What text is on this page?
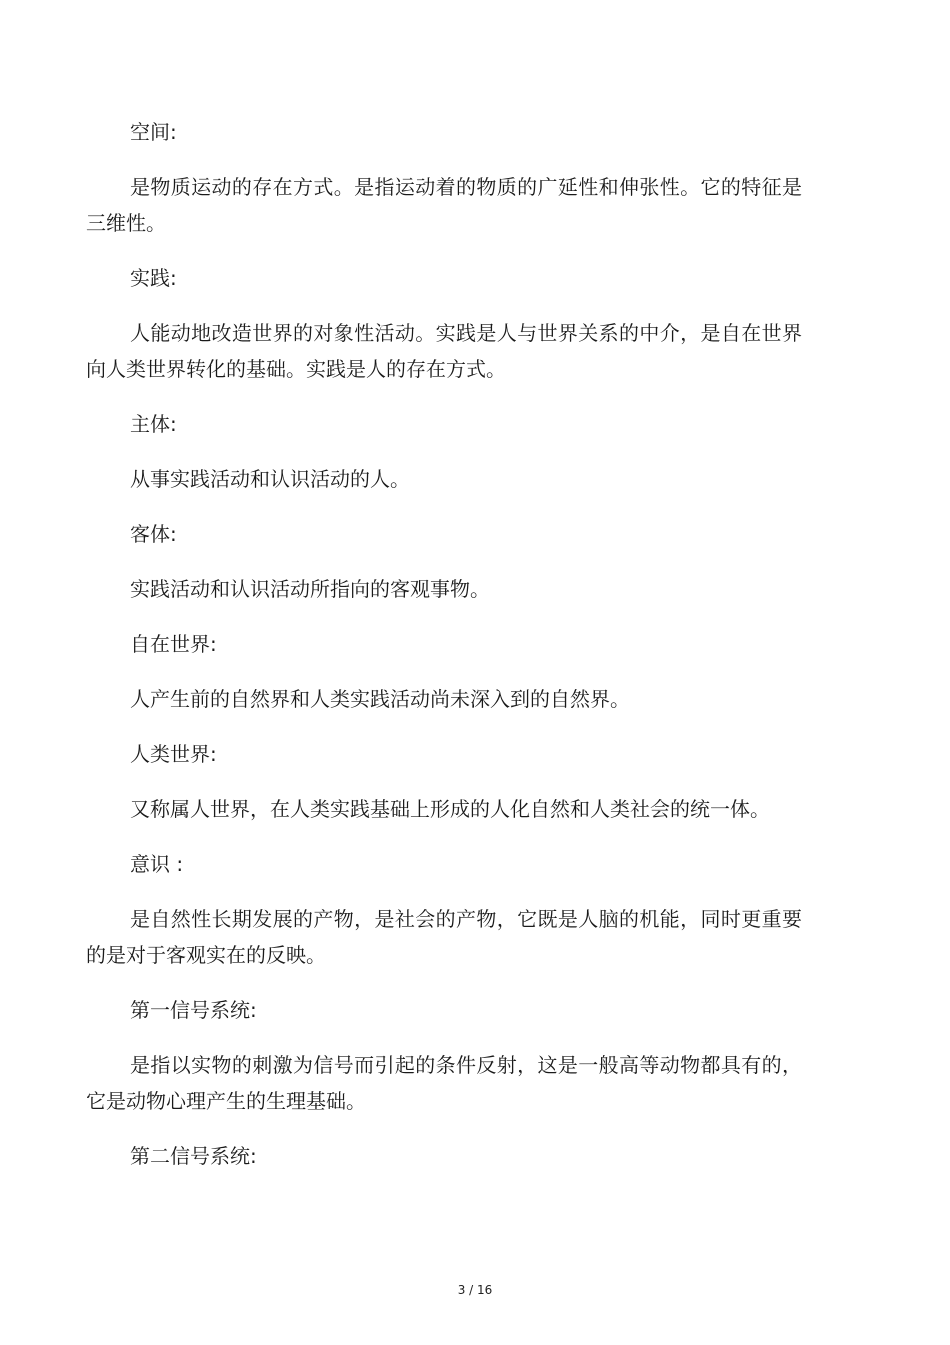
空间:

是物质运动的存在方式。是指运动着的物质的广延性和伸张性。它的特征是三维性。

实践:

人能动地改造世界的对象性活动。实践是人与世界关系的中介，是自在世界向人类世界转化的基础。实践是人的存在方式。

主体:

从事实践活动和认识活动的人。

客体:

实践活动和认识活动所指向的客观事物。

自在世界:

人产生前的自然界和人类实践活动尚未深入到的自然界。

人类世界:

又称属人世界，在人类实践基础上形成的人化自然和人类社会的统一体。

意识 :

是自然性长期发展的产物，是社会的产物，它既是人脑的机能，同时更重要的是对于客观实在的反映。

第一信号系统:

是指以实物的刺激为信号而引起的条件反射，这是一般高等动物都具有的，它是动物心理产生的生理基础。

第二信号系统:

3 / 16
